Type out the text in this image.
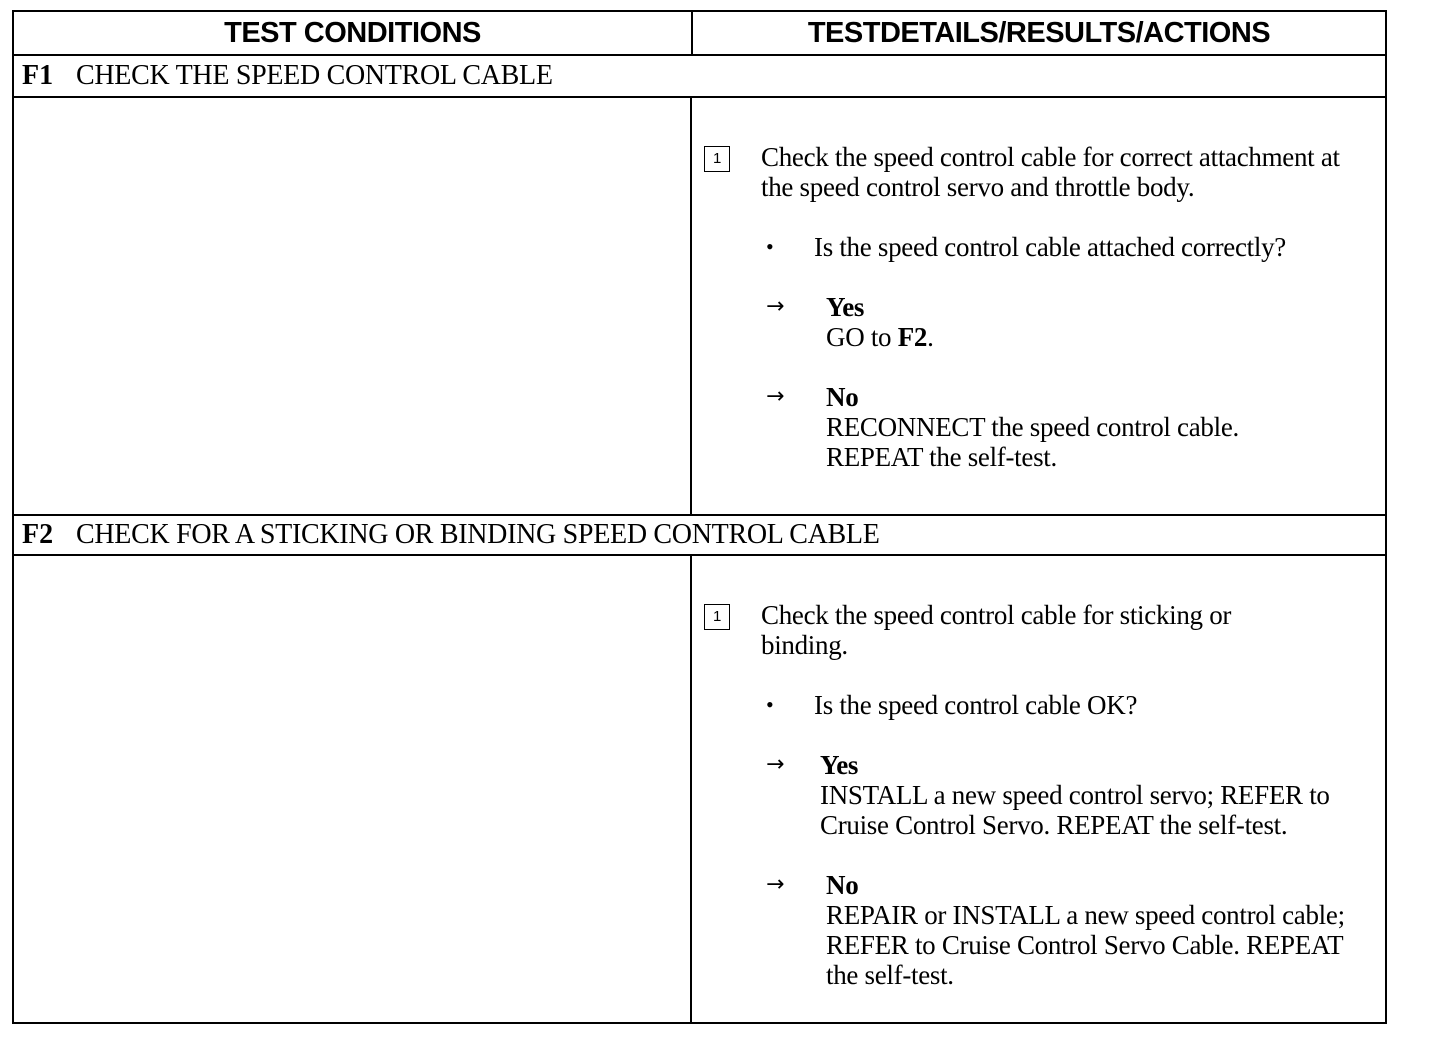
TEST CONDITIONS	TESTDETAILS/RESULTS/ACTIONS
F1 CHECK THE SPEED CONTROL CABLE
1	Check the speed control cable for correct attachment at the speed control servo and throttle body.
•	Is the speed control cable attached correctly?
→	Yes
GO to F2.
→	No
RECONNECT the speed control cable.
REPEAT the self-test.
F2 CHECK FOR A STICKING OR BINDING SPEED CONTROL CABLE
1	Check the speed control cable for sticking or binding.
•	Is the speed control cable OK?
→	Yes
INSTALL a new speed control servo; REFER to Cruise Control Servo. REPEAT the self-test.
→	No
REPAIR or INSTALL a new speed control cable; REFER to Cruise Control Servo Cable. REPEAT the self-test.
